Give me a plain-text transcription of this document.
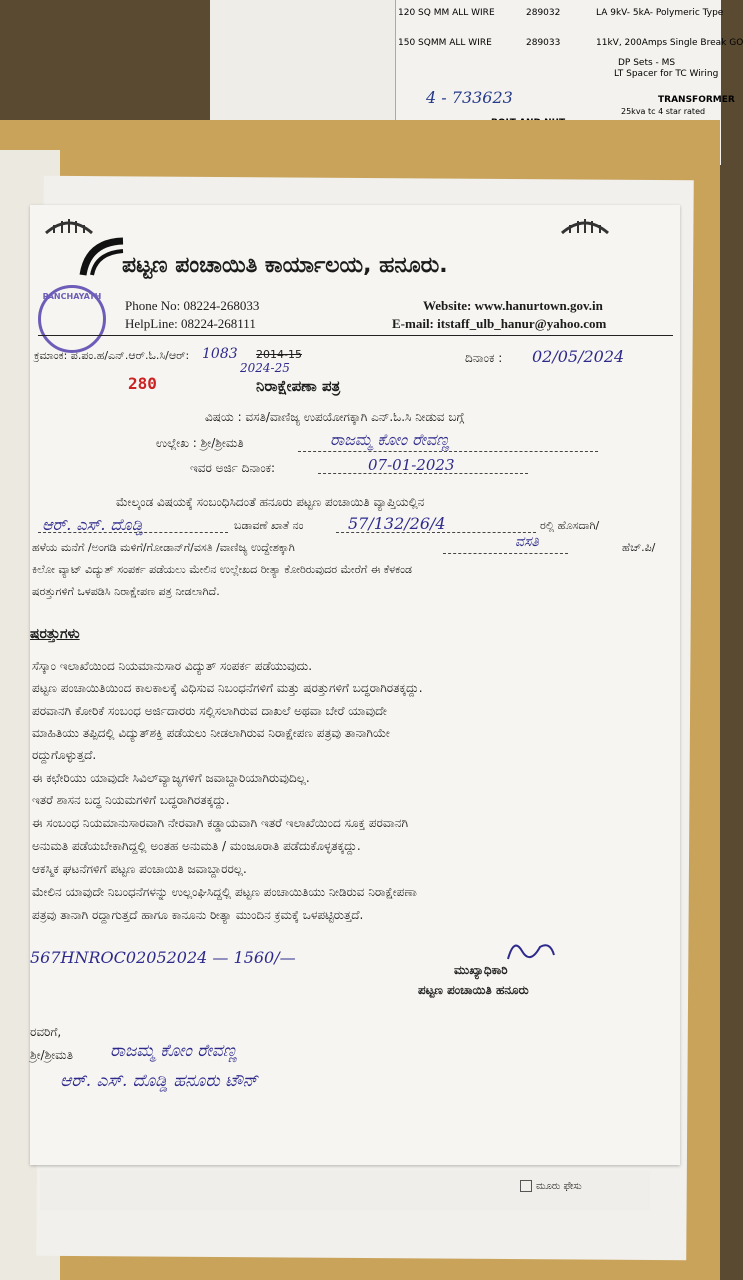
120 SQ MM ALL WIRE	289032	LA 9kV- 5kA- Polymeric Type
150 SQMM ALL WIRE	289033	11kV, 200Amps Single Break GO
DP Sets - MS
LT Spacer for TC Wiring
4 - 733623	TRANSFORMER
25kva tc 4 star rated
ಮೂರು ಫೇಸು
ಪಟ್ಟಣ ಪಂಚಾಯಿತಿ ಕಾರ್ಯಾಲಯ, ಹನೂರು.
PANCHAYATH
Phone No: 08224-268033
HelpLine: 08224-268111
Website: www.hanurtown.gov.in
E-mail: itstaff_ulb_hanur@yahoo.com
ಕ್ರಮಾಂಕ: ಪ.ಪಂ.ಹ/ಎನ್.ಆರ್.ಓ.ಸಿ/ಆರ್: 1083 2014-15
2024-25
280
ದಿನಾಂಕ : 02/05/2024
ನಿರಾಕ್ಷೇಪಣಾ ಪತ್ರ
ವಿಷಯ : ವಸತಿ/ವಾಣಿಜ್ಯ ಉಪಯೋಗಕ್ಕಾಗಿ ಎನ್.ಓ.ಸಿ ನೀಡುವ ಬಗ್ಗೆ
ಉಲ್ಲೇಖ : ಶ್ರೀ/ಶ್ರೀಮತಿ	ರಾಜಮ್ಮ ಕೋಂ ರೇವಣ್ಣ
ಇವರ ಅರ್ಜಿ ದಿನಾಂಕ:	07-01-2023
ಮೇಲ್ಕಂಡ ವಿಷಯಕ್ಕೆ ಸಂಬಂಧಿಸಿದಂತೆ ಹನೂರು ಪಟ್ಟಣ ಪಂಚಾಯಿತಿ ವ್ಯಾಪ್ತಿಯಲ್ಲಿನ
ಆರ್. ಎಸ್. ದೊಡ್ಡಿ	ಬಡಾವಣೆ ಖಾತೆ ನಂ	57/132/26/4	ರಲ್ಲಿ ಹೊಸದಾಗಿ/
ಹಳೆಯ ಮನೆಗೆ /ಅಂಗಡಿ ಮಳಿಗೆ/ಗೋಡಾನ್‌ಗೆ/ವಸತಿ /ವಾಣಿಜ್ಯ ಉದ್ದೇಶಕ್ಕಾಗಿ	ವಸತಿ	ಹೆಚ್.ಪಿ/
ಕಿಲೋ ವ್ಯಾಟ್ ವಿದ್ಯುತ್ ಸಂಪರ್ಕ ಪಡೆಯಲು ಮೇಲಿನ ಉಲ್ಲೇಖದ ರೀತ್ಯಾ ಕೋರಿರುವುದರ ಮೇರೆಗೆ ಈ ಕೆಳಕಂಡ
ಷರತ್ತುಗಳಿಗೆ ಒಳಪಡಿಸಿ ನಿರಾಕ್ಷೇಪಣ ಪತ್ರ ನೀಡಲಾಗಿದೆ.
ಷರತ್ತುಗಳು
ಸೆಸ್ಕಾಂ ಇಲಾಖೆಯಿಂದ ನಿಯಮಾನುಸಾರ ವಿದ್ಯುತ್ ಸಂಪರ್ಕ ಪಡೆಯುವುದು.
ಪಟ್ಟಣ ಪಂಚಾಯಿತಿಯಿಂದ ಕಾಲಕಾಲಕ್ಕೆ ವಿಧಿಸುವ ನಿಬಂಧನೆಗಳಿಗೆ ಮತ್ತು ಷರತ್ತುಗಳಿಗೆ ಬದ್ಧರಾಗಿರತಕ್ಕದ್ದು.
ಪರವಾನಗಿ ಕೋರಿಕೆ ಸಂಬಂಧ ಅರ್ಜಿದಾರರು ಸಲ್ಲಿಸಲಾಗಿರುವ ದಾಖಲೆ ಅಥವಾ ಬೇರೆ ಯಾವುದೇ
ಮಾಹಿತಿಯು ತಪ್ಪಿದಲ್ಲಿ ವಿದ್ಯುತ್‌ಶಕ್ತಿ ಪಡೆಯಲು ನೀಡಲಾಗಿರುವ ನಿರಾಕ್ಷೇಪಣ ಪತ್ರವು ತಾನಾಗಿಯೇ
ರದ್ದುಗೊಳ್ಳುತ್ತದೆ.
ಈ ಕಛೇರಿಯು ಯಾವುದೇ ಸಿವಿಲ್‌ವ್ಯಾಜ್ಯಗಳಿಗೆ ಜವಾಬ್ದಾರಿಯಾಗಿರುವುದಿಲ್ಲ.
ಇತರೆ ಶಾಸನ ಬದ್ಧ ನಿಯಮಗಳಿಗೆ ಬದ್ಧರಾಗಿರತಕ್ಕದ್ದು.
ಈ ಸಂಬಂಧ ನಿಯಮಾನುಸಾರವಾಗಿ ನೇರವಾಗಿ ಕಡ್ಡಾಯವಾಗಿ ಇತರೆ ಇಲಾಖೆಯಿಂದ ಸೂಕ್ತ ಪರವಾನಗಿ
ಅನುಮತಿ ಪಡೆಯಬೇಕಾಗಿದ್ದಲ್ಲಿ ಅಂತಹ ಅನುಮತಿ / ಮಂಜೂರಾತಿ ಪಡೆದುಕೊಳ್ಳತಕ್ಕದ್ದು.
ಆಕಸ್ಮಿಕ ಘಟನೆಗಳಿಗೆ ಪಟ್ಟಣ ಪಂಚಾಯಿತಿ ಜವಾಬ್ದಾರರಲ್ಲ.
ಮೇಲಿನ ಯಾವುದೇ ನಿಬಂಧನೆಗಳನ್ನು ಉಲ್ಲಂಘಿಸಿದ್ದಲ್ಲಿ ಪಟ್ಟಣ ಪಂಚಾಯಿತಿಯು ನೀಡಿರುವ ನಿರಾಕ್ಷೇಪಣಾ
ಪತ್ರವು ತಾನಾಗಿ ರದ್ದಾಗುತ್ತದೆ ಹಾಗೂ ಕಾನೂನು ರೀತ್ಯಾ ಮುಂದಿನ ಕ್ರಮಕ್ಕೆ ಒಳಪಟ್ಟಿರುತ್ತದೆ.
567HNROC02052024 — 1560/—
ಮುಖ್ಯಾಧಿಕಾರಿ
ಪಟ್ಟಣ ಪಂಚಾಯಿತಿ ಹನೂರು
ರವರಿಗೆ,
ಶ್ರೀ/ಶ್ರೀಮತಿ ರಾಜಮ್ಮ ಕೋಂ ರೇವಣ್ಣ
ಆರ್. ಎಸ್. ದೊಡ್ಡಿ ಹನೂರು ಟೌನ್
